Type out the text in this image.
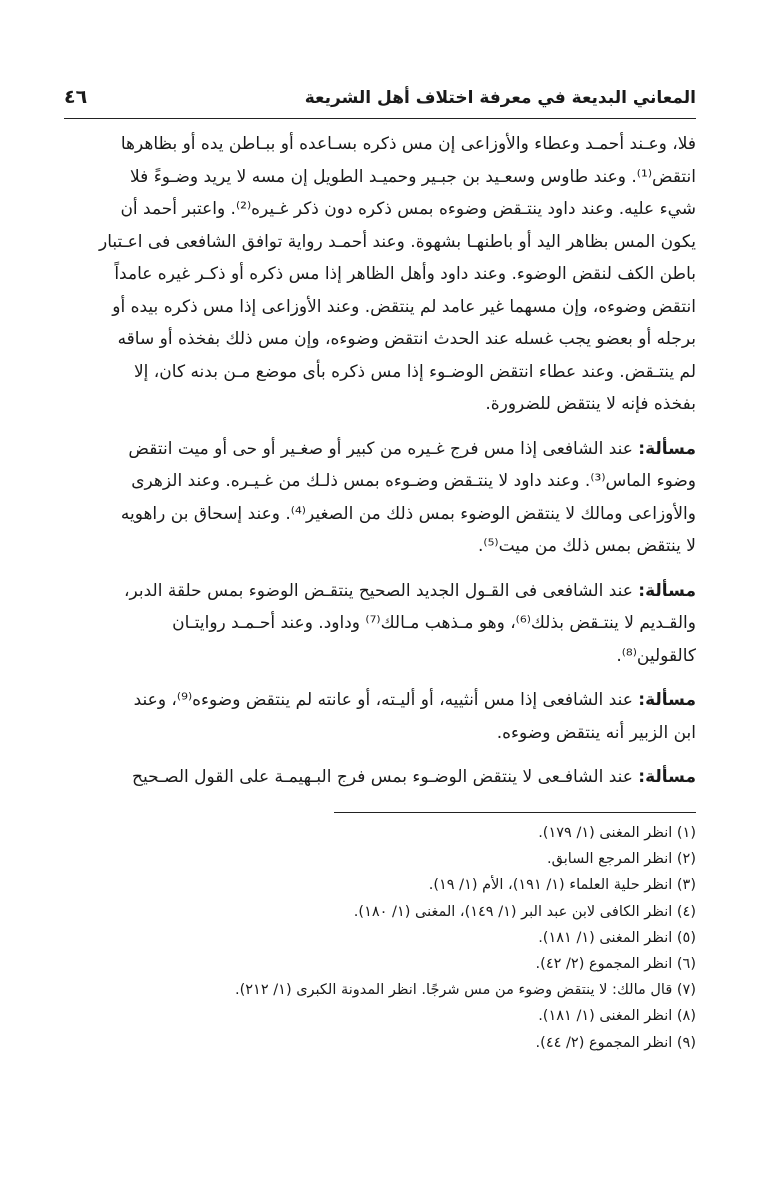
المعاني البديعة في معرفة اختلاف أهل الشريعة
٤٦

فلا، وعـند أحمـد وعطاء والأوزاعى إن مس ذكره بسـاعده أو ببـاطن يده أو بظاهرها
انتقض⁽¹⁾. وعند طاوس وسعـيد بن جبـير وحميـد الطويل إن مسه لا يريد وضـوءً فلا
شيء عليه. وعند داود ينتـقض وضوءه بمس ذكره دون ذكر غـيره⁽²⁾. واعتبر أحمد أن
يكون المس بظاهر اليد أو باطنهـا بشهوة. وعند أحمـد رواية توافق الشافعى فى اعـتبار
باطن الكف لنقض الوضوء. وعند داود وأهل الظاهر إذا مس ذكره أو ذكـر غيره عامداً
انتقض وضوءه، وإن مسهما غير عامد لم ينتقض. وعند الأوزاعى إذا مس ذكره بيده أو
برجله أو بعضو يجب غسله عند الحدث انتقض وضوءه، وإن مس ذلك بفخذه أو ساقه
لم ينتـقض. وعند عطاء انتقض الوضـوء إذا مس ذكره بأى موضع مـن بدنه كان، إلا
بفخذه فإنه لا ينتقض للضرورة.

مسألة: عند الشافعى إذا مس فرج غـيره من كبير أو صغـير أو حى أو ميت انتقض
وضوء الماس⁽³⁾. وعند داود لا ينتـقض وضـوءه بمس ذلـك من غـيـره. وعند الزهرى
والأوزاعى ومالك لا ينتقض الوضوء بمس ذلك من الصغير⁽⁴⁾. وعند إسحاق بن راهويه
لا ينتقض بمس ذلك من ميت⁽⁵⁾.

مسألة: عند الشافعى فى القـول الجديد الصحيح ينتقـض الوضوء بمس حلقة الدبر،
والقـديم لا ينتـقض بذلك⁽⁶⁾، وهو مـذهب مـالك⁽⁷⁾ وداود. وعند أحـمـد روايتـان
كالقولين⁽⁸⁾.

مسألة: عند الشافعى إذا مس أنثييه، أو أليـته، أو عانته لم ينتقض وضوءه⁽⁹⁾، وعند
ابن الزبير أنه ينتقض وضوءه.

مسألة: عند الشافـعى لا ينتقض الوضـوء بمس فرج البـهيمـة على القول الصـحيح

(١) انظر المغنى (١/ ١٧٩).
(٢) انظر المرجع السابق.
(٣) انظر حلية العلماء (١/ ١٩١)، الأم (١/ ١٩).
(٤) انظر الكافى لابن عبد البر (١/ ١٤٩)، المغنى (١/ ١٨٠).
(٥) انظر المغنى (١/ ١٨١).
(٦) انظر المجموع (٢/ ٤٢).
(٧) قال مالك: لا ينتقض وضوء من مس شرجًا. انظر المدونة الكبرى (١/ ٢١٢).
(٨) انظر المغنى (١/ ١٨١).
(٩) انظر المجموع (٢/ ٤٤).
